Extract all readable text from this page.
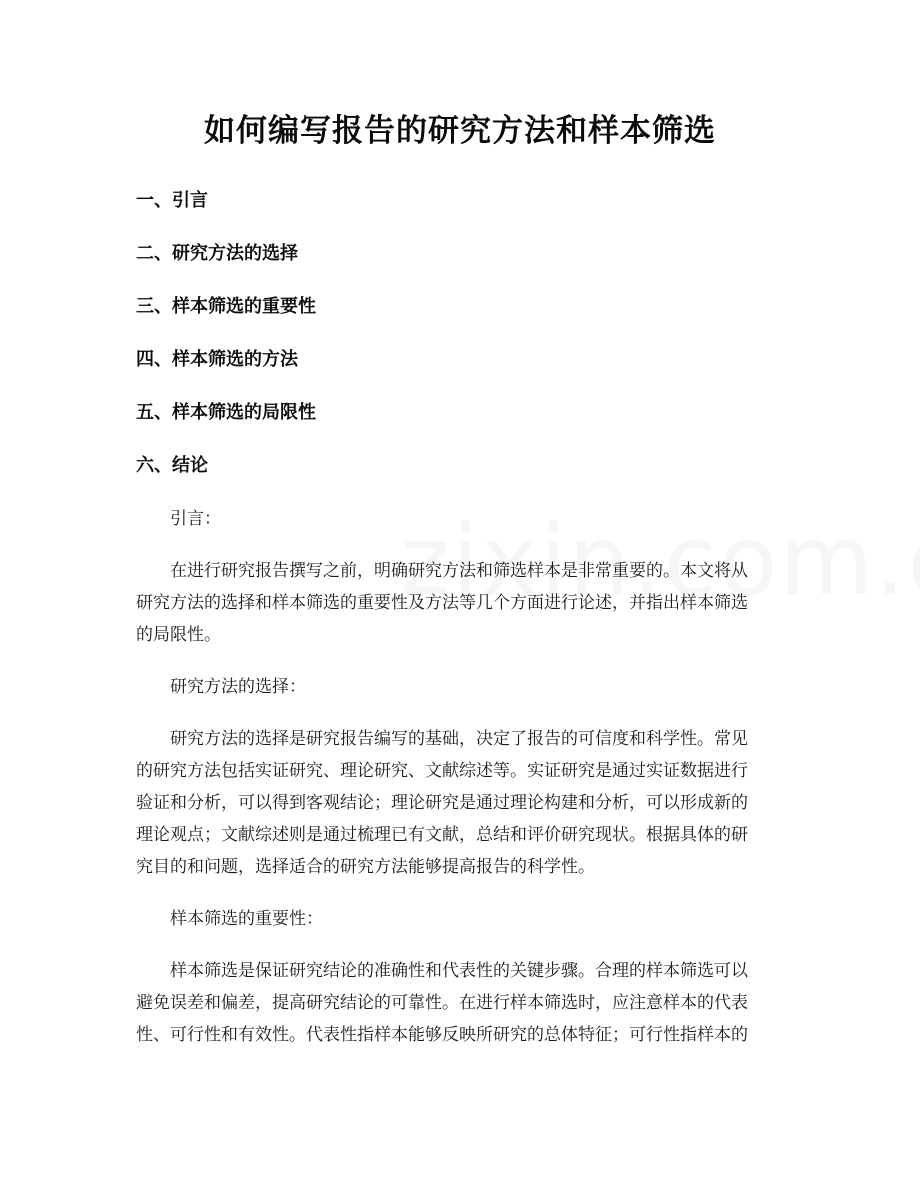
如何编写报告的研究方法和样本筛选
一、引言
二、研究方法的选择
三、样本筛选的重要性
四、样本筛选的方法
五、样本筛选的局限性
六、结论

引言：

在进行研究报告撰写之前，明确研究方法和筛选样本是非常重要的。本文将从
研究方法的选择和样本筛选的重要性及方法等几个方面进行论述，并指出样本筛选
的局限性。

研究方法的选择：

研究方法的选择是研究报告编写的基础，决定了报告的可信度和科学性。常见
的研究方法包括实证研究、理论研究、文献综述等。实证研究是通过实证数据进行
验证和分析，可以得到客观结论；理论研究是通过理论构建和分析，可以形成新的
理论观点；文献综述则是通过梳理已有文献，总结和评价研究现状。根据具体的研
究目的和问题，选择适合的研究方法能够提高报告的科学性。

样本筛选的重要性：

样本筛选是保证研究结论的准确性和代表性的关键步骤。合理的样本筛选可以
避免误差和偏差，提高研究结论的可靠性。在进行样本筛选时，应注意样本的代表
性、可行性和有效性。代表性指样本能够反映所研究的总体特征；可行性指样本的
